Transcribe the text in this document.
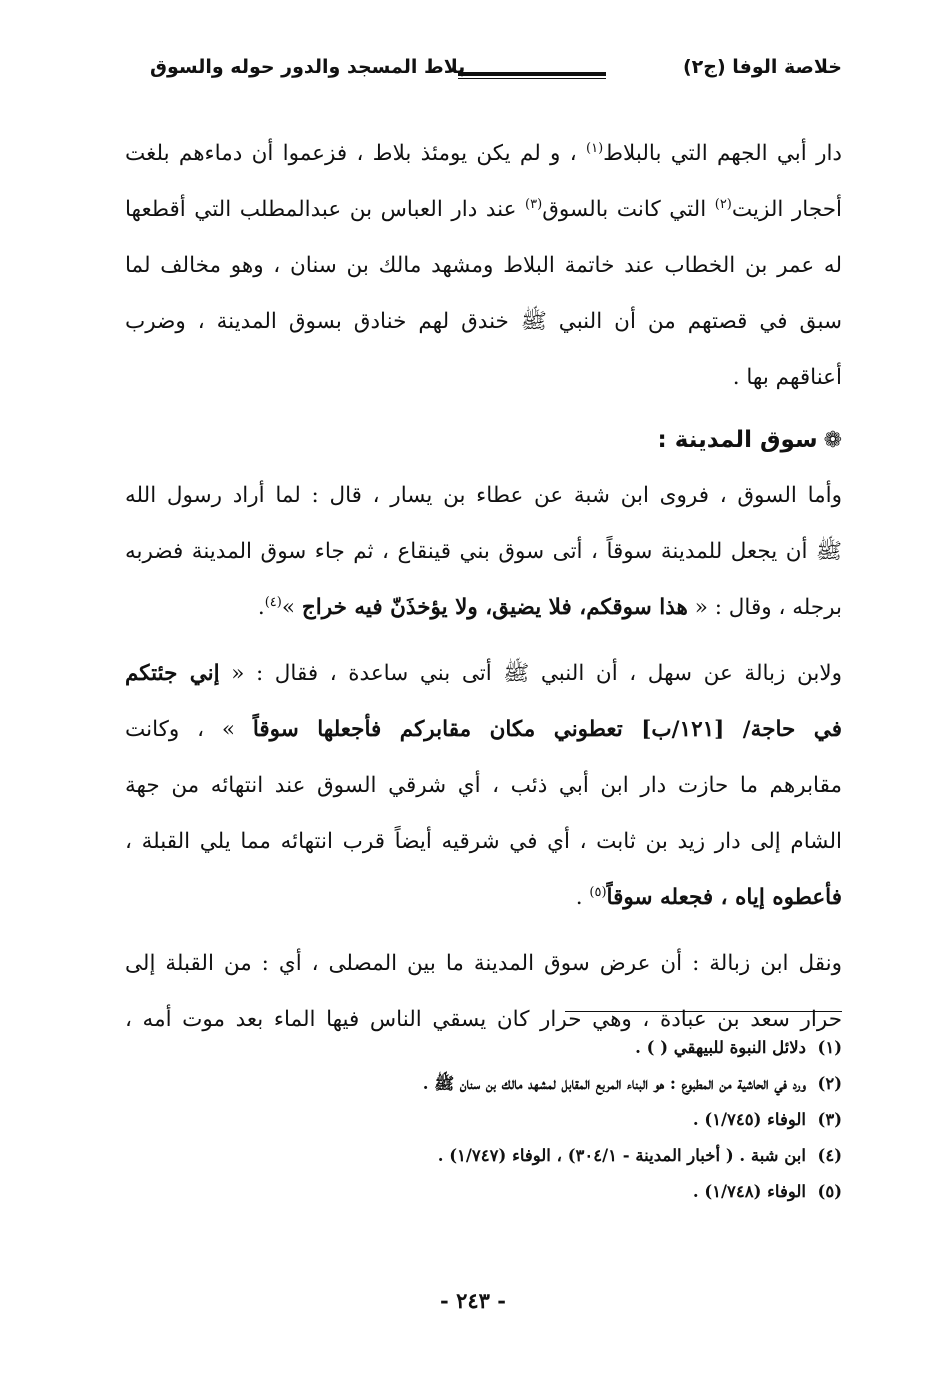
خلاصة الوفا (ج٢)
بلاط المسجد والدور حوله والسوق
دار أبي الجهم التي بالبلاط$^{(١)}$ ، و لم يكن يومئذ بلاط ، فزعموا أن دماءهم بلغت
أحجار الزيت$^{(٢)}$ التي كانت بالسوق$^{(٣)}$ عند دار العباس بن عبدالمطلب التي أقطعها
له عمر بن الخطاب عند خاتمة البلاط ومشهد مالك بن سنان ، وهو مخالف لما
سبق في قصتهم من أن النبي ﷺ خندق لهم خنادق بسوق المدينة ، وضرب
أعناقهم بها .
❁سوق المدينة :
وأما السوق ، فروى ابن شبة عن عطاء بن يسار ، قال : لما أراد رسول الله
ﷺ أن يجعل للمدينة سوقاً ، أتى سوق بني قينقاع ، ثم جاء سوق المدينة فضربه
برجله ، وقال : « هذا سوقكم، فلا يضيق، ولا يؤخذَنّ فيه خراج »$^{(٤)}$.
ولابن زبالة عن سهل ، أن النبي ﷺ أتى بني ساعدة ، فقال : « إني جئتكم
في حاجة/ [١٢١/ب] تعطوني مكان مقابركم فأجعلها سوقاً » ، وكانت
مقابرهم ما حازت دار ابن أبي ذئب ، أي شرقي السوق عند انتهائه من جهة
الشام إلى دار زيد بن ثابت ، أي في شرقيه أيضاً قرب انتهائه مما يلي القبلة ،
فأعطوه إياه ، فجعله سوقاً$^{(٥)}$ .
ونقل ابن زبالة : أن عرض سوق المدينة ما بين المصلى ، أي : من القبلة إلى
حرار سعد بن عبادة ، وهي حرار كان يسقي الناس فيها الماء بعد موت أمه ،
(١)دلائل النبوة للبيهقي ( ) .
(٢)ورد في الحاشية من المطبوع : هو البناء المربع المقابل لمشهد مالك بن سنان ﷺ .
(٣)الوفاء (١/٧٤٥) .
(٤)ابن شبة . ( أخبار المدينة - ٣٠٤/١) ، الوفاء (١/٧٤٧) .
(٥)الوفاء (١/٧٤٨) .
- ٢٤٣ -
